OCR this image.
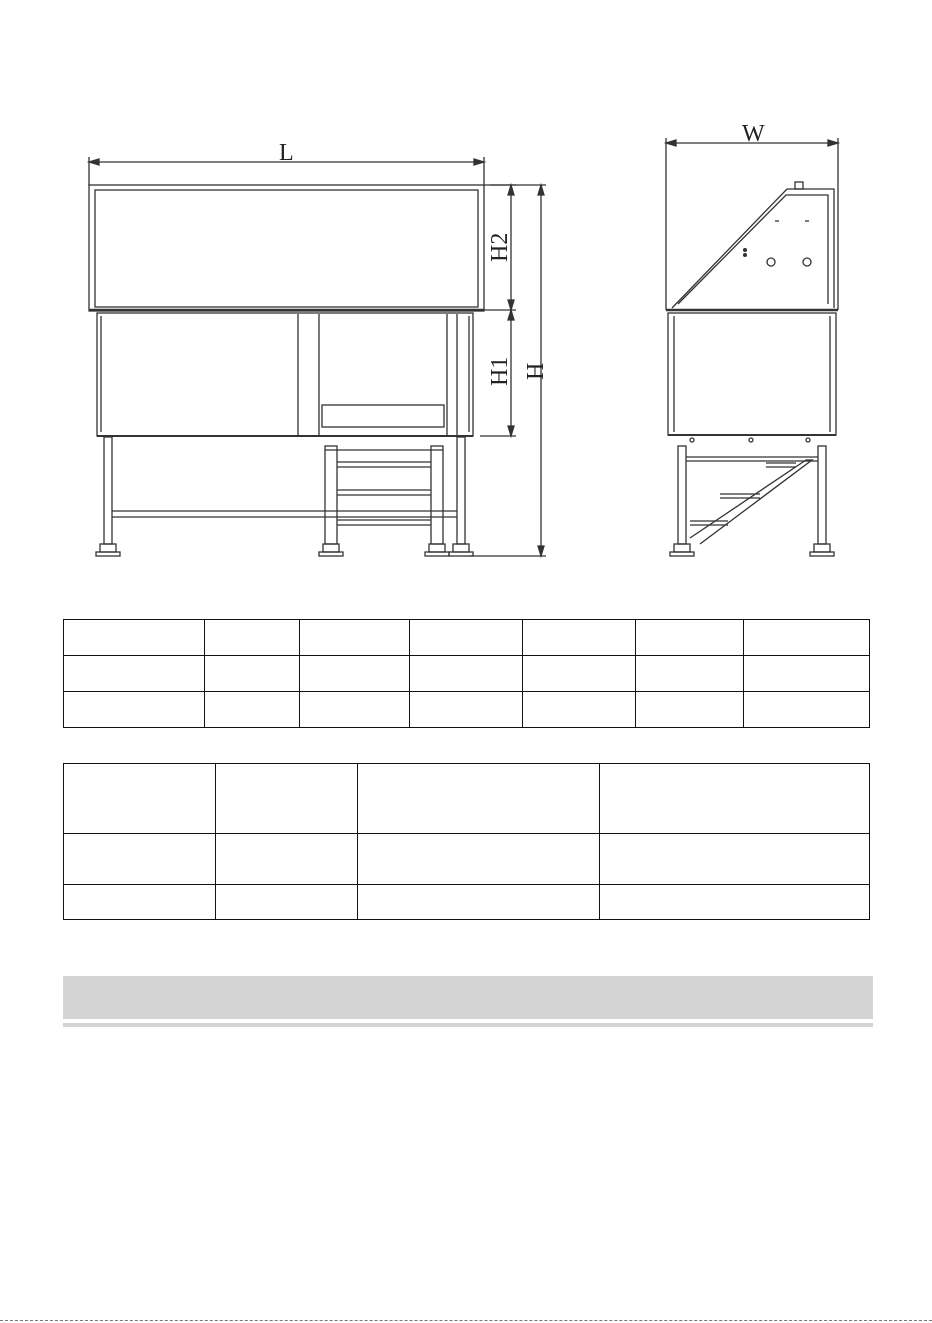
L
H2
H1 H
W
